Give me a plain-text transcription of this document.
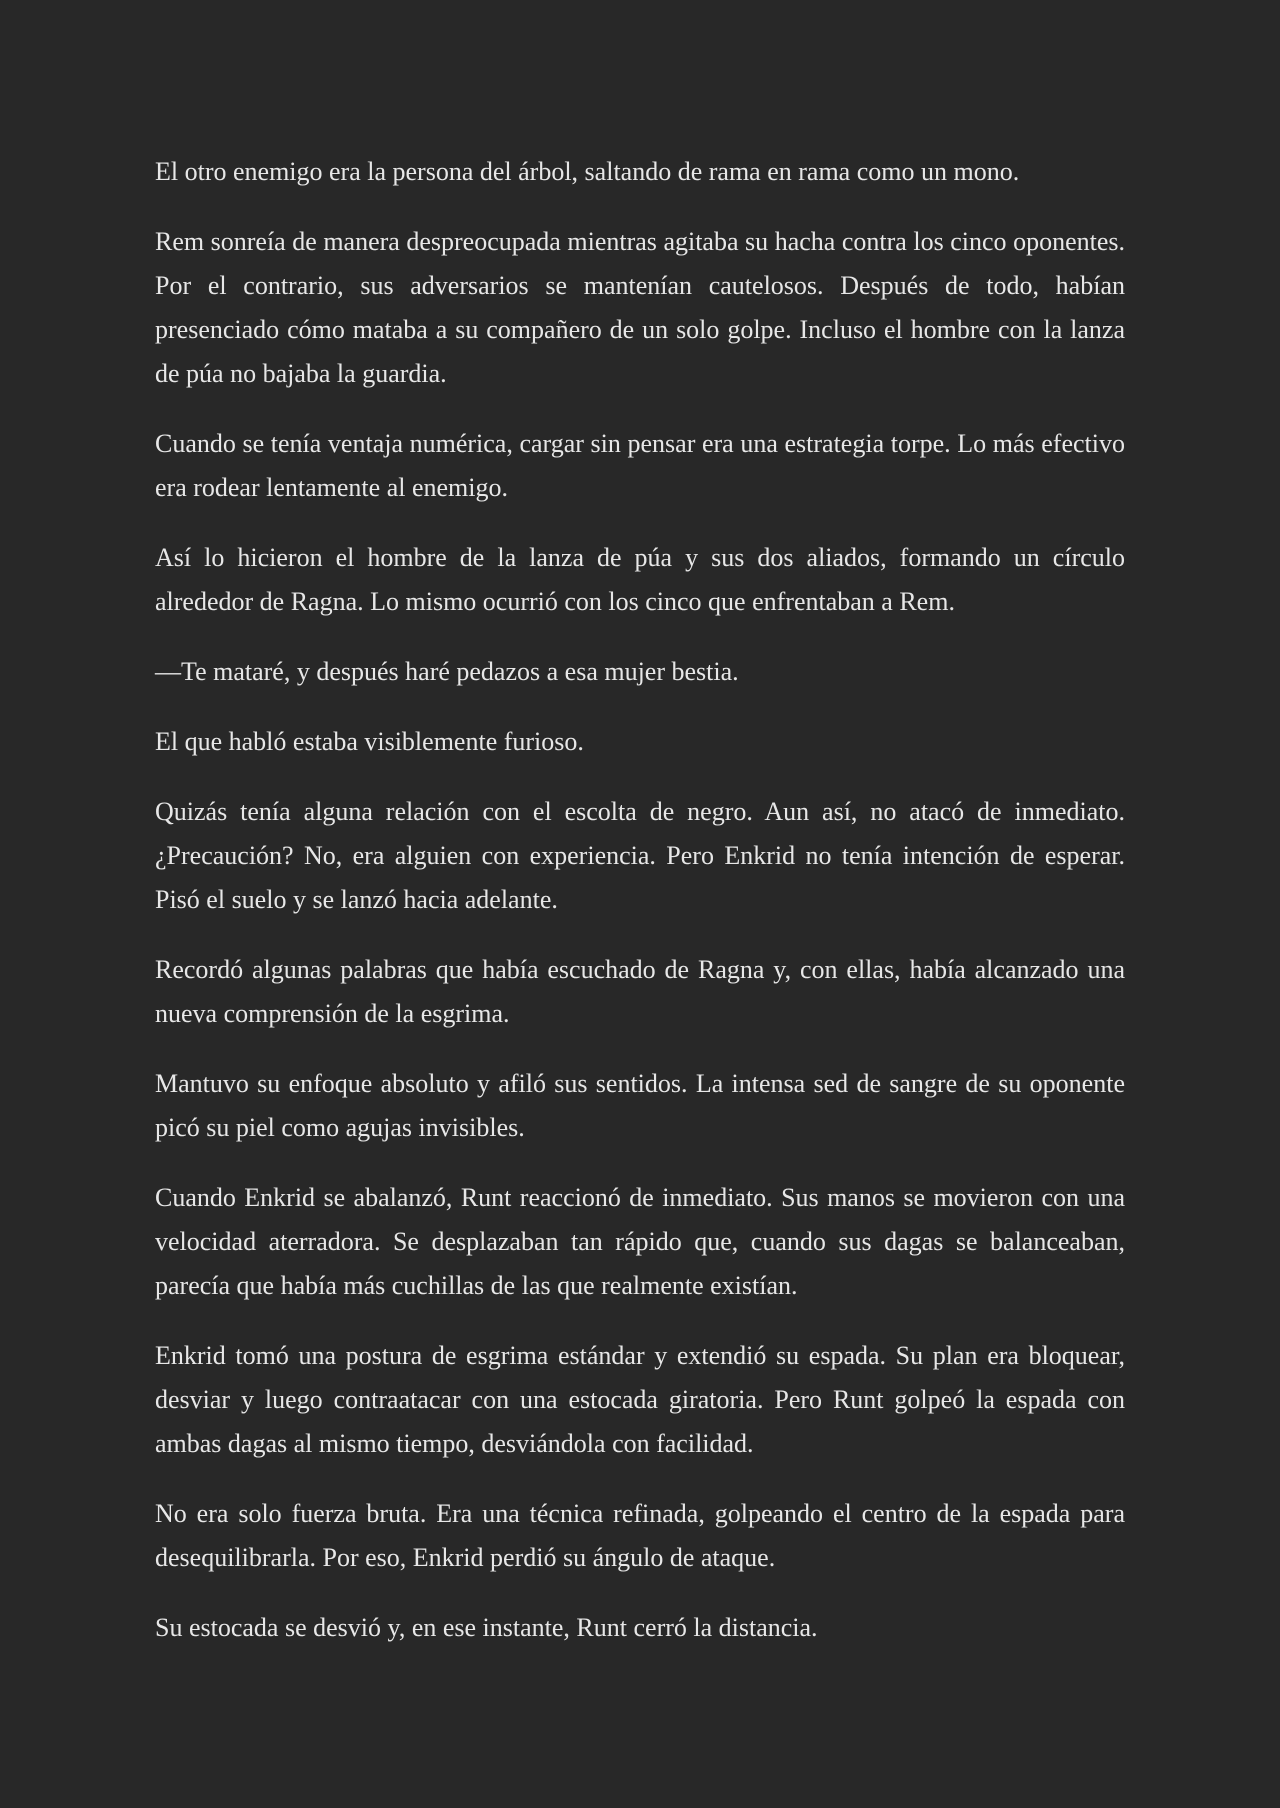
El otro enemigo era la persona del árbol, saltando de rama en rama como un mono.

Rem sonreía de manera despreocupada mientras agitaba su hacha contra los cinco oponentes. Por el contrario, sus adversarios se mantenían cautelosos. Después de todo, habían presenciado cómo mataba a su compañero de un solo golpe. Incluso el hombre con la lanza de púa no bajaba la guardia.

Cuando se tenía ventaja numérica, cargar sin pensar era una estrategia torpe. Lo más efectivo era rodear lentamente al enemigo.

Así lo hicieron el hombre de la lanza de púa y sus dos aliados, formando un círculo alrededor de Ragna. Lo mismo ocurrió con los cinco que enfrentaban a Rem.

—Te mataré, y después haré pedazos a esa mujer bestia.

El que habló estaba visiblemente furioso.

Quizás tenía alguna relación con el escolta de negro. Aun así, no atacó de inmediato. ¿Precaución? No, era alguien con experiencia. Pero Enkrid no tenía intención de esperar. Pisó el suelo y se lanzó hacia adelante.

Recordó algunas palabras que había escuchado de Ragna y, con ellas, había alcanzado una nueva comprensión de la esgrima.

Mantuvo su enfoque absoluto y afiló sus sentidos. La intensa sed de sangre de su oponente picó su piel como agujas invisibles.

Cuando Enkrid se abalanzó, Runt reaccionó de inmediato. Sus manos se movieron con una velocidad aterradora. Se desplazaban tan rápido que, cuando sus dagas se balanceaban, parecía que había más cuchillas de las que realmente existían.

Enkrid tomó una postura de esgrima estándar y extendió su espada. Su plan era bloquear, desviar y luego contraatacar con una estocada giratoria. Pero Runt golpeó la espada con ambas dagas al mismo tiempo, desviándola con facilidad.

No era solo fuerza bruta. Era una técnica refinada, golpeando el centro de la espada para desequilibrarla. Por eso, Enkrid perdió su ángulo de ataque.

Su estocada se desvió y, en ese instante, Runt cerró la distancia.
